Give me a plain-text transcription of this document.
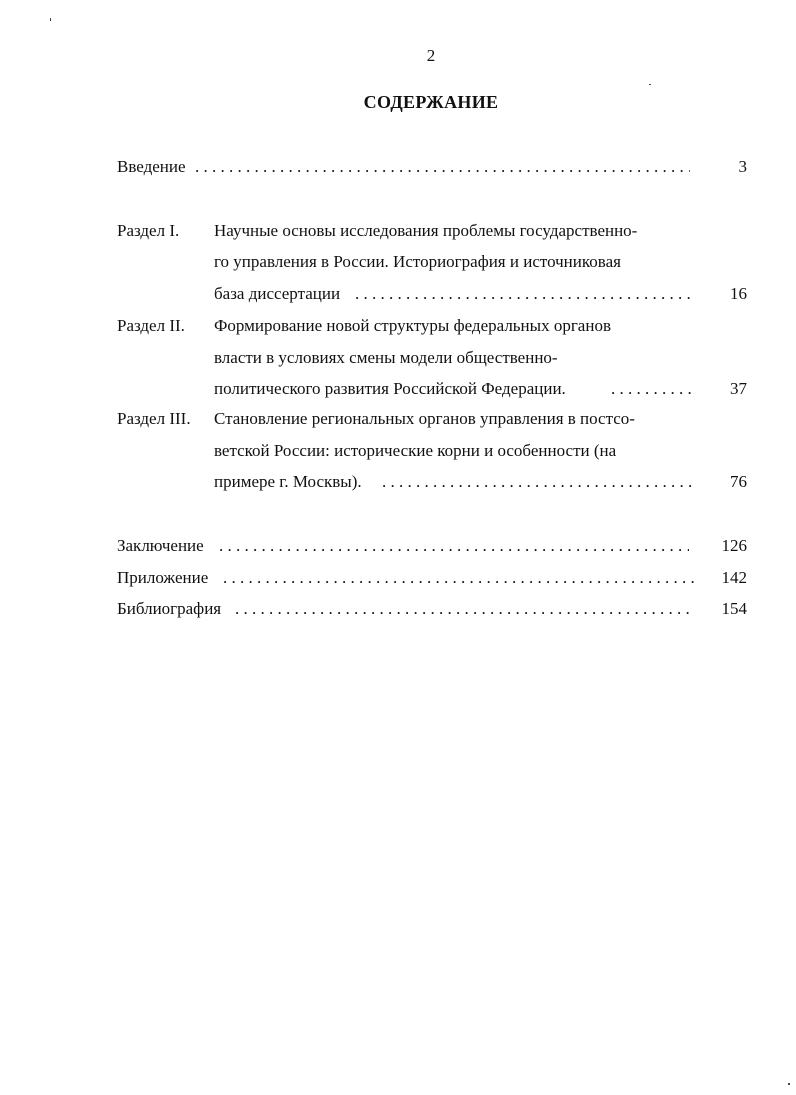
2
СОДЕРЖАНИЕ
Введение . . .	3
Раздел I. Научные основы исследования проблемы государственно-
го управления в России. Историография и источниковая
база диссертации . . .	16
Раздел II. Формирование новой структуры федеральных органов
власти в условиях смены модели общественно-
политического развития Российской Федерации. . . .	37
Раздел III. Становление региональных органов управления в постсо-
ветской России: исторические корни и особенности (на
примере г. Москвы). . . .	76
Заключение . . .	126
Приложение . . .	142
Библиография . . .	154
